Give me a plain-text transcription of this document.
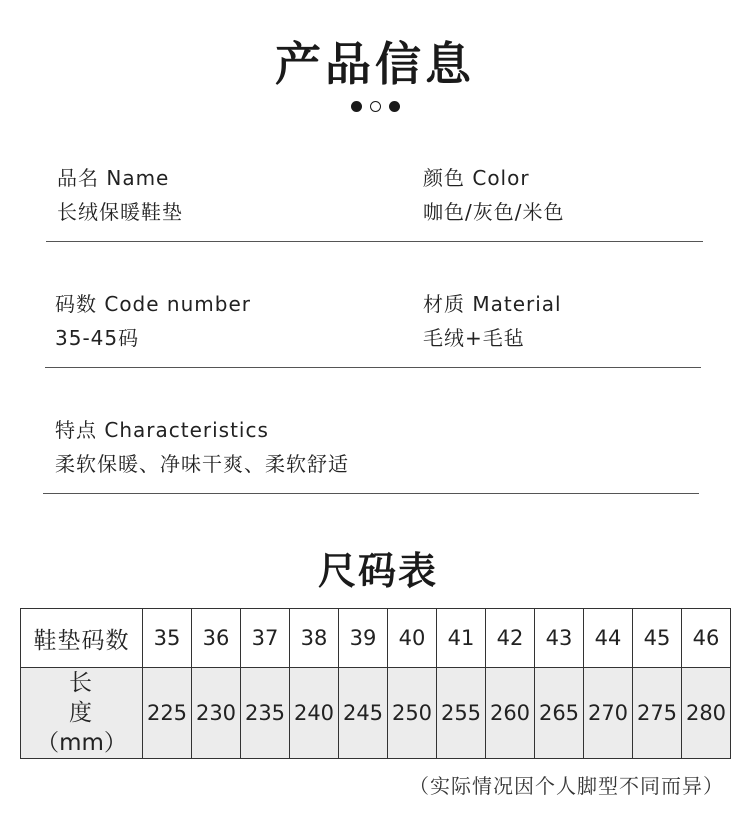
产品信息
品名 Name
长绒保暖鞋垫
颜色 Color
咖色/灰色/米色
码数 Code number
35-45码
材质 Material
毛绒+毛毡
特点 Characteristics
柔软保暖、净味干爽、柔软舒适
尺码表
鞋垫码数	35	36	37	38	39	40	41	42	43	44	45	46

长 度
（mm）	225	230	235	240	245	250	255	260	265	270	275	280
（实际情况因个人脚型不同而异）
